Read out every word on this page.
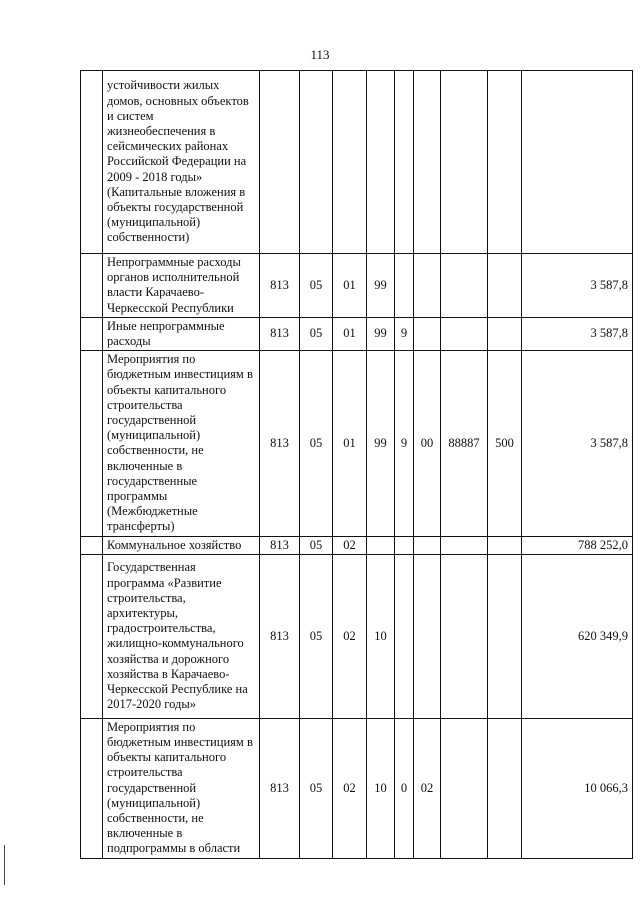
113
	устойчивости жилых домов, основных объектов и систем жизнеобеспечения в сейсмических районах Российской Федерации на 2009 - 2018 годы» (Капитальные вложения в объекты государственной (муниципальной) собственности)									
	Непрограммные расходы органов исполнительной власти Карачаево-Черкесской Республики	813	05	01	99					3 587,8
	Иные непрограммные расходы	813	05	01	99	9				3 587,8
	Мероприятия по бюджетным инвестициям в объекты капитального строительства государственной (муниципальной) собственности, не включенные в государственные программы (Межбюджетные трансферты)	813	05	01	99	9	00	88887	500	3 587,8
	Коммунальное хозяйство	813	05	02						788 252,0
	Государственная программа «Развитие строительства, архитектуры, градостроительства, жилищно-коммунального хозяйства и дорожного хозяйства в Карачаево-Черкесской Республике на 2017-2020 годы»	813	05	02	10					620 349,9
	Мероприятия по бюджетным инвестициям в объекты капитального строительства государственной (муниципальной) собственности, не включенные в подпрограммы в области	813	05	02	10	0	02			10 066,3
